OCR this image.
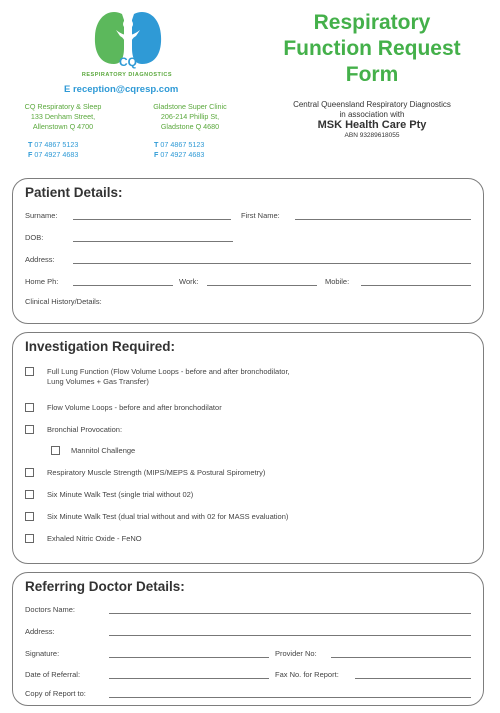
CQ
RESPIRATORY DIAGNOSTICS
E reception@cqresp.com
CQ Respiratory & Sleep
133 Denham Street,
Allenstown Q 4700
Gladstone Super Clinic
206-214 Phillip St,
Gladstone Q 4680
T 07 4867 5123
F 07 4927 4683
T 07 4867 5123
F 07 4927 4683
Respiratory
Function Request
Form
Central Queensland Respiratory Diagnostics
in association with
MSK Health Care Pty
ABN 93289618055
Patient Details:
Surname:	First Name:
DOB:
Address:
Home Ph:	Work:	Mobile:
Clinical History/Details:
Investigation Required:
Full Lung Function (Flow Volume Loops - before and after bronchodilator,
Lung Volumes + Gas Transfer)
Flow Volume Loops - before and after bronchodilator
Bronchial Provocation:
Mannitol Challenge
Respiratory Muscle Strength (MIPS/MEPS & Postural Spirometry)
Six Minute Walk Test (single trial without 02)
Six Minute Walk Test (dual trial without and with 02 for MASS evaluation)
Exhaled Nitric Oxide - FeNO
Referring Doctor Details:
Doctors Name:
Address:
Signature:	Provider No:
Date of Referral:	Fax No. for Report:
Copy of Report to:
